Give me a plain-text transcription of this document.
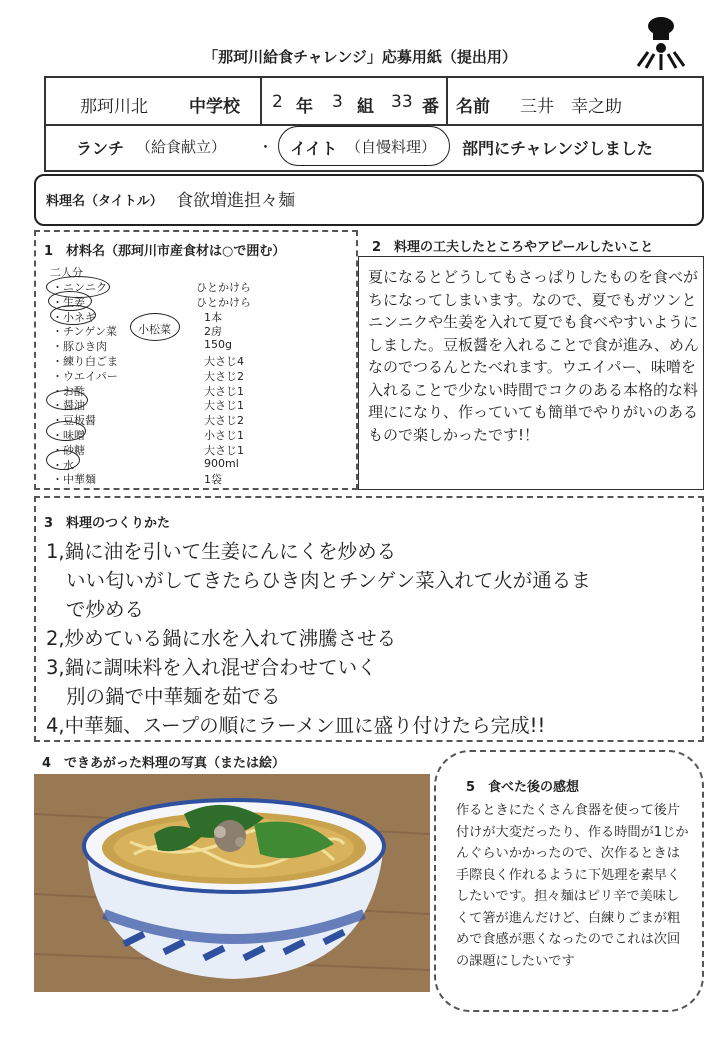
「那珂川給食チャレンジ」応募用紙（提出用）
那珂川北 中学校 2 年 3 組 33 番 名前 三井　幸之助
ランチ （給食献立） ・ イイト （自慢料理） 部門にチャレンジしました
料理名（タイトル） 食欲増進担々麺
1　材料名（那珂川市産食材は○で囲む）
二人分
・ニンニク	ひとかけら
・生姜	ひとかけら
・小ネギ	1本
・チンゲン菜	2房
・豚ひき肉	150g
・練り白ごま	大さじ4
・ウエイパー	大さじ2
・お酢	大さじ1
・醤油	大さじ1
・豆板醤	大さじ2
・味噌	小さじ1
・砂糖	大さじ1
・水	900ml
・中華麺	1袋
小松菜
2　料理の工夫したところやアピールしたいこと
夏になるとどうしてもさっぱりしたものを食べがちになってしまいます。なので、夏でもガツンとニンニクや生姜を入れて夏でも食べやすいようにしました。豆板醤を入れることで食が進み、めんなのでつるんとたべれます。ウエイパー、味噌を入れることで少ない時間でコクのある本格的な料理にになり、作っていても簡単でやりがいのあるもので楽しかったです!！
3　料理のつくりかた
1,鍋に油を引いて生姜にんにくを炒める
いい匂いがしてきたらひき肉とチンゲン菜入れて火が通るま
で炒める
2,炒めている鍋に水を入れて沸騰させる
3,鍋に調味料を入れ混ぜ合わせていく
別の鍋で中華麺を茹でる
4,中華麺、スープの順にラーメン皿に盛り付けたら完成!!
4　できあがった料理の写真（または絵）
5　食べた後の感想
作るときにたくさん食器を使って後片付けが大変だったり、作る時間が1じかんぐらいかかったので、次作るときは手際良く作れるように下処理を素早くしたいです。担々麺はピリ辛で美味しくて箸が進んだけど、白練りごまが粗めで食感が悪くなったのでこれは次回の課題にしたいです
